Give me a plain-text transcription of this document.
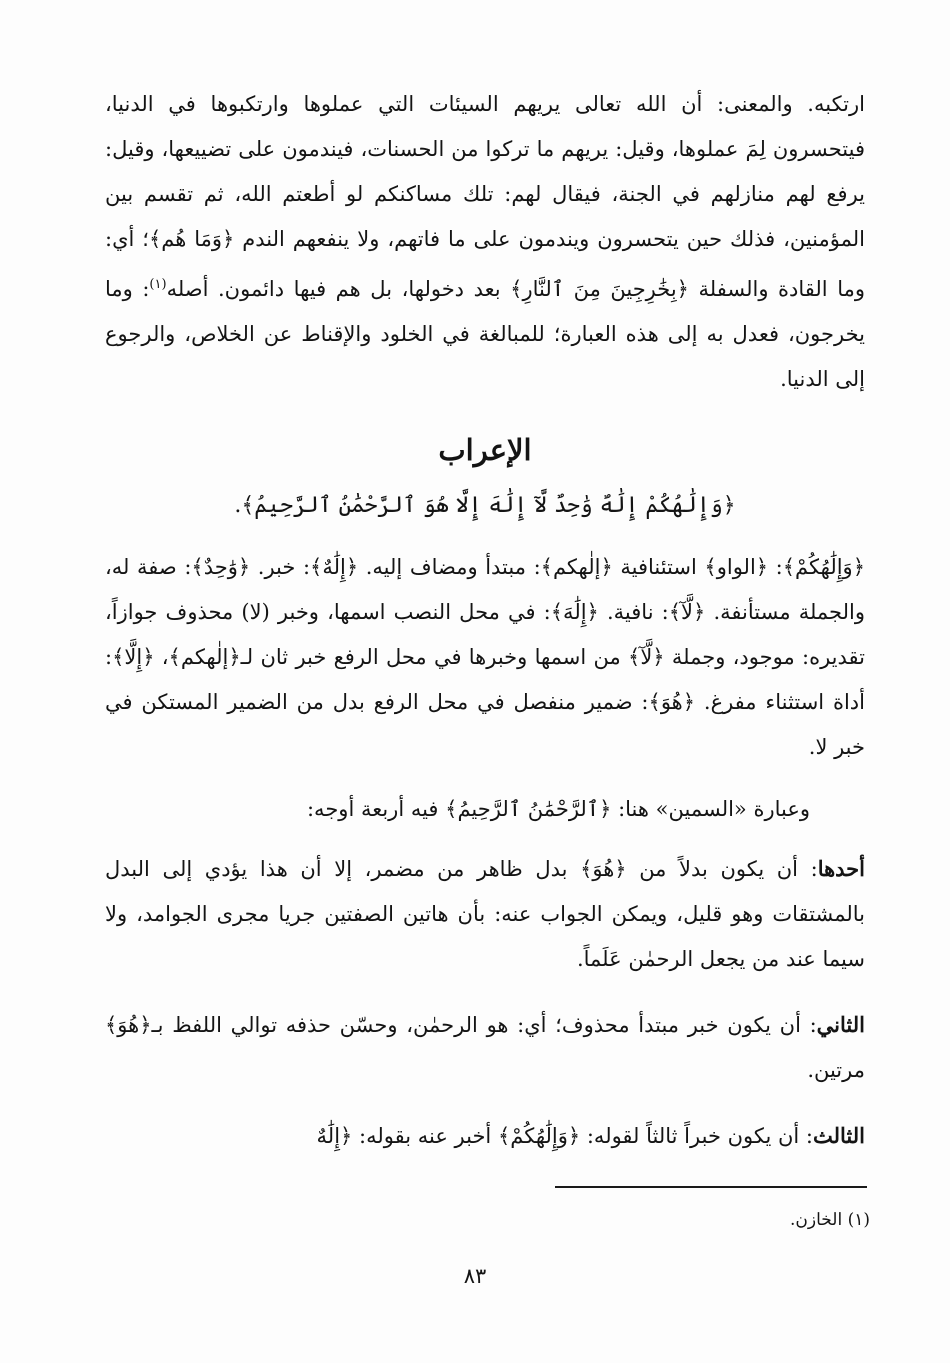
ارتكبه. والمعنى: أن الله تعالى يريهم السيئات التي عملوها وارتكبوها في الدنيا، فيتحسرون لِمَ عملوها، وقيل: يريهم ما تركوا من الحسنات، فيندمون على تضييعها، وقيل: يرفع لهم منازلهم في الجنة، فيقال لهم: تلك مساكنكم لو أطعتم الله، ثم تقسم بين المؤمنين، فذلك حين يتحسرون ويندمون على ما فاتهم، ولا ينفعهم الندم ﴿وَمَا هُم﴾؛ أي: وما القادة والسفلة ﴿بِخَٰرِجِينَ مِنَ ٱلنَّارِ﴾ بعد دخولها، بل هم فيها دائمون. أصله$^{(١)}$: وما يخرجون، فعدل به إلى هذه العبارة؛ للمبالغة في الخلود والإقناط عن الخلاص، والرجوع إلى الدنيا.
الإعراب
﴿وَإِلَٰهُكُمْ إِلَٰهٌ وَٰحِدٌ لَّآ إِلَٰهَ إِلَّا هُوَ ٱلرَّحْمَٰنُ ٱلرَّحِيمُ﴾.
﴿وَإِلَٰهُكُمْ﴾: ﴿الواو﴾ استئنافية ﴿إلٰهكم﴾: مبتدأ ومضاف إليه. ﴿إِلَٰهٌ﴾: خبر. ﴿وَٰحِدٌ﴾: صفة له، والجملة مستأنفة. ﴿لَّآ﴾: نافية. ﴿إِلَٰهَ﴾: في محل النصب اسمها، وخبر (لا) محذوف جوازاً، تقديره: موجود، وجملة ﴿لَّآ﴾ من اسمها وخبرها في محل الرفع خبر ثان لـ﴿إلٰهكم﴾، ﴿إِلَّا﴾: أداة استثناء مفرغ. ﴿هُوَ﴾: ضمير منفصل في محل الرفع بدل من الضمير المستكن في خبر لا.
وعبارة «السمين» هنا: ﴿ٱلرَّحْمَٰنُ ٱلرَّحِيمُ﴾ فيه أربعة أوجه:
أحدها: أن يكون بدلاً من ﴿هُوَ﴾ بدل ظاهر من مضمر، إلا أن هذا يؤدي إلى البدل بالمشتقات وهو قليل، ويمكن الجواب عنه: بأن هاتين الصفتين جريا مجرى الجوامد، ولا سيما عند من يجعل الرحمٰن عَلَماً.
الثاني: أن يكون خبر مبتدأ محذوف؛ أي: هو الرحمٰن، وحسّن حذفه توالي اللفظ بـ﴿هُوَ﴾ مرتين.
الثالث: أن يكون خبراً ثالثاً لقوله: ﴿وَإِلَٰهُكُمْ﴾ أخبر عنه بقوله: ﴿إِلَٰهٌ
(١) الخازن.
٨٣
